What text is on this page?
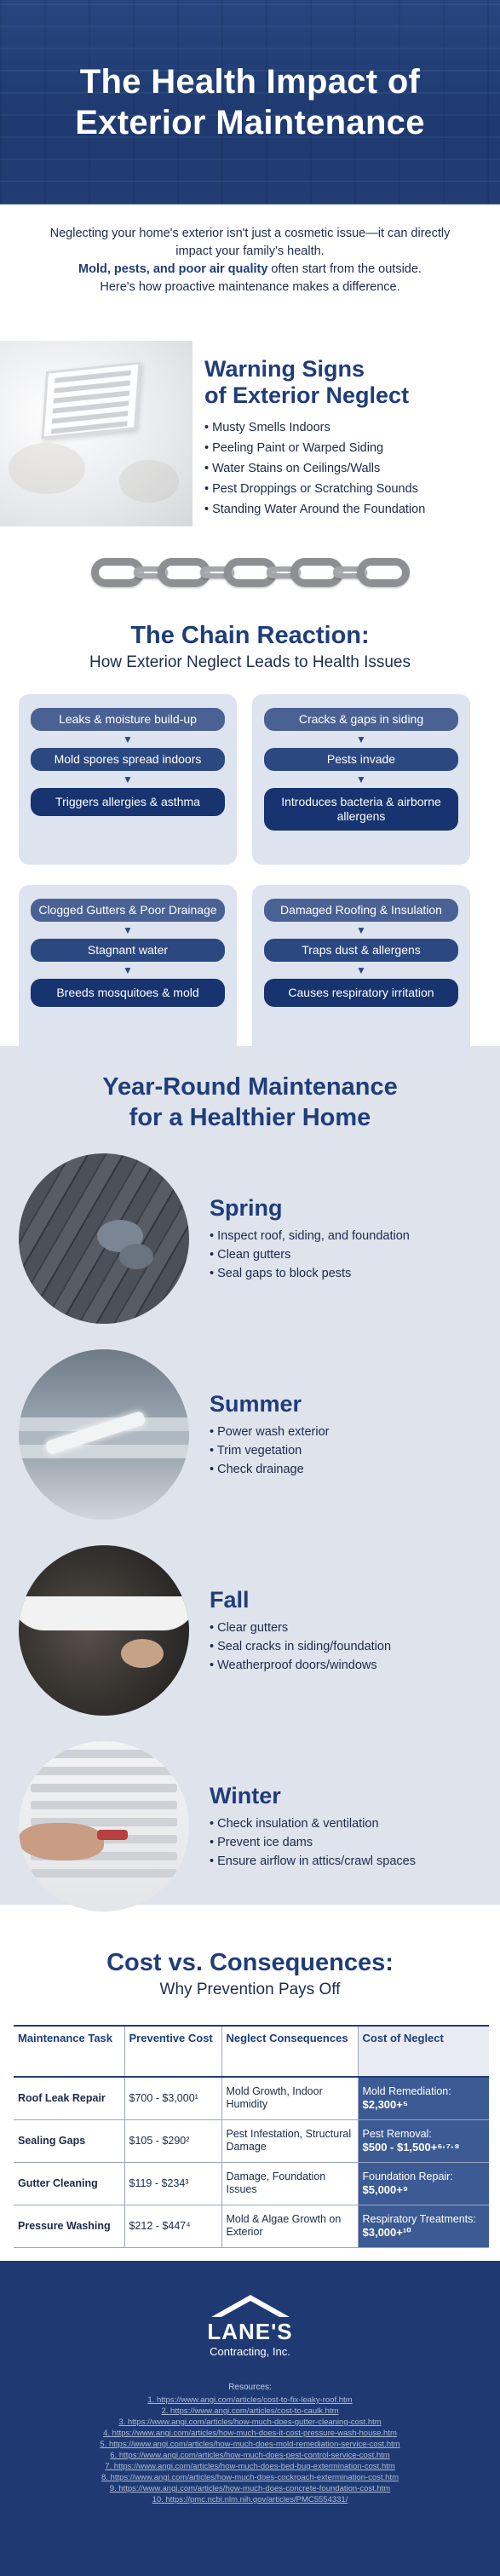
The Health Impact of
Exterior Maintenance

Neglecting your home's exterior isn't just a cosmetic issue—it can directly impact your family's health.

Mold, pests, and poor air quality often start from the outside.

Here's how proactive maintenance makes a difference.

Warning Signs
of Exterior Neglect
• Musty Smells Indoors
• Peeling Paint or Warped Siding
• Water Stains on Ceilings/Walls
• Pest Droppings or Scratching Sounds
• Standing Water Around the Foundation
The Chain Reaction:
How Exterior Neglect Leads to Health Issues
Leaks & moisture build-up
▼
Mold spores spread indoors
▼
Triggers allergies & asthma
Cracks & gaps in siding
▼
Pests invade
▼
Introduces bacteria & airborne allergens
Clogged Gutters & Poor Drainage
▼
Stagnant water
▼
Breeds mosquitoes & mold
Damaged Roofing & Insulation
▼
Traps dust & allergens
▼
Causes respiratory irritation
Year-Round Maintenance
for a Healthier Home
Spring
• Inspect roof, siding, and foundation
• Clean gutters
• Seal gaps to block pests
Summer
• Power wash exterior
• Trim vegetation
• Check drainage
Fall
• Clear gutters
• Seal cracks in siding/foundation
• Weatherproof doors/windows
Winter
• Check insulation & ventilation
• Prevent ice dams
• Ensure airflow in attics/crawl spaces
Cost vs. Consequences:
Why Prevention Pays Off
Maintenance Task	Preventive Cost	Neglect Consequences	Cost of Neglect
Roof Leak Repair	$700 - $3,000¹	Mold Growth, Indoor Humidity	Mold Remediation:
$2,300+⁵

Sealing Gaps	$105 - $290²	Pest Infestation, Structural Damage	Pest Removal:
$500 - $1,500+⁶·⁷·⁸

Gutter Cleaning	$119 - $234³	Damage, Foundation Issues	Foundation Repair:
$5,000+⁹

Pressure Washing	$212 - $447⁴	Mold & Algae Growth on Exterior	Respiratory Treatments:
$3,000+¹⁰
LANE'S
Contracting, Inc.
Resources:
1. https://www.angi.com/articles/cost-to-fix-leaky-roof.htm
2. https://www.angi.com/articles/cost-to-caulk.htm
3. https://www.angi.com/articles/how-much-does-gutter-cleaning-cost.htm
4. https://www.angi.com/articles/how-much-does-it-cost-pressure-wash-house.htm
5. https://www.angi.com/articles/how-much-does-mold-remediation-service-cost.htm
6. https://www.angi.com/articles/how-much-does-pest-control-service-cost.htm
7. https://www.angi.com/articles/how-much-does-bed-bug-extermination-cost.htm
8. https://www.angi.com/articles/how-much-does-cockroach-extermination-cost.htm
9. https://www.angi.com/articles/how-much-does-concrete-foundation-cost.htm
10. https://pmc.ncbi.nlm.nih.gov/articles/PMC5554331/
